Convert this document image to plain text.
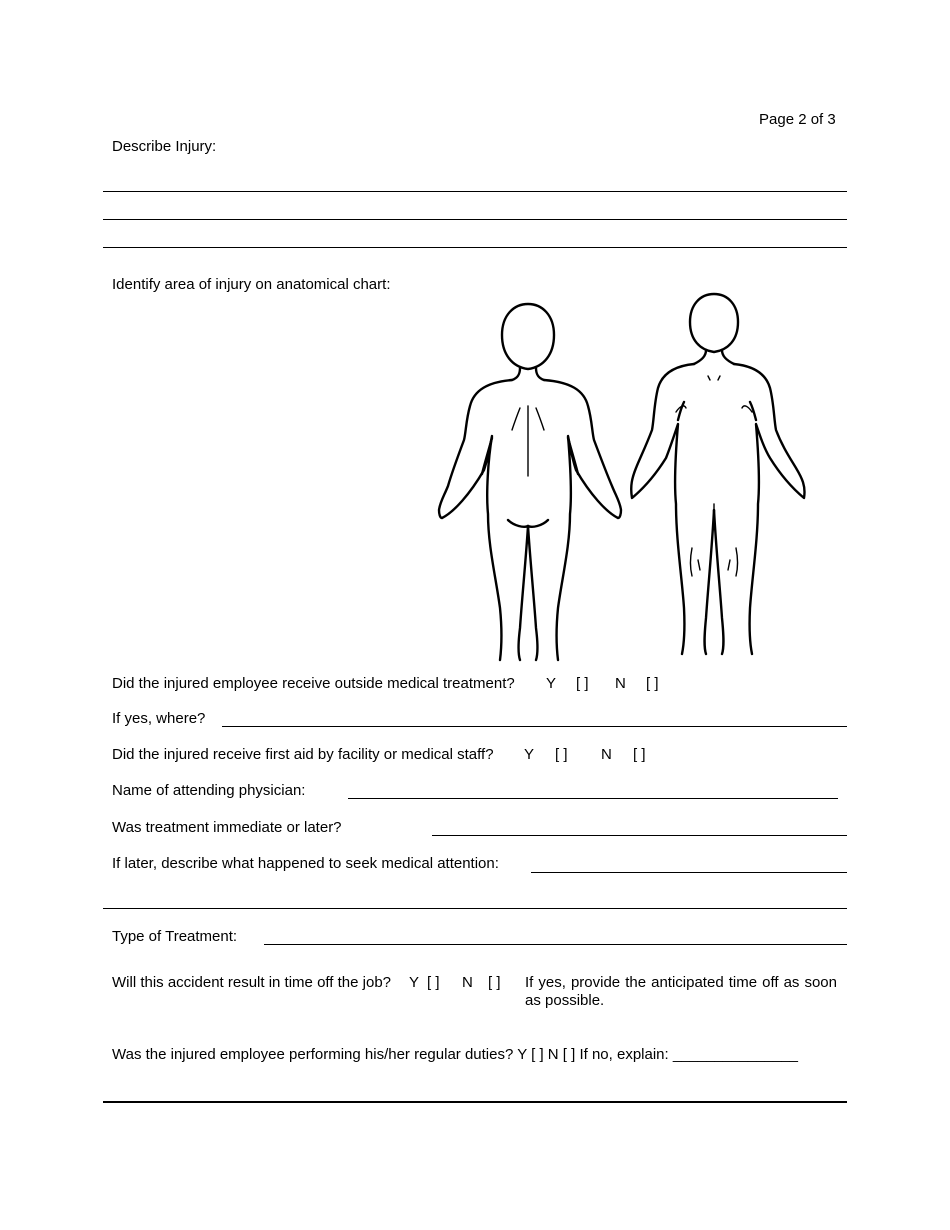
Page 2 of 3
Describe Injury:
Identify area of injury on anatomical chart:
Did the injured employee receive outside medical treatment? Y [ ] N [ ]
If yes, where?
Did the injured receive first aid by facility or medical staff? Y [ ] N [ ]
Name of attending physician:
Was treatment immediate or later?
If later, describe what happened to seek medical attention:
Type of Treatment:
Will this accident result in time off the job? Y [ ] N [ ] If yes, provide the anticipated time off as soon as possible.
Was the injured employee performing his/her regular duties? Y [ ] N [ ] If no, explain: _______________
